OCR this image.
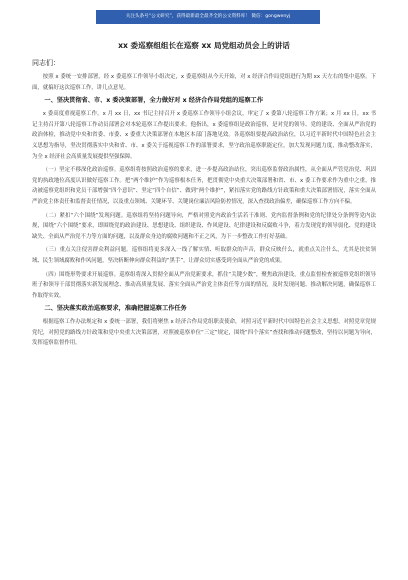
关注头条号“公文研究”，获得最新最全最齐全的公文资料库！ 微信：gongwenyj
xx 委巡察组组长在巡察 xx 局党组动员会上的讲话
同志们：

按照 x 委统一安排部署，经 x 委巡察工作领导小组决定，x 委巡察组从今天开始，对 x 经济合作局党组进行为期 xx 天左右的集中巡察。下面，就搞好这次巡察工作，讲几点意见。

一、坚决贯彻省、市、x 委决策部署，全力做好对 x 经济合作局党组的巡察工作

x 委高度重视巡察工作。x 月 xx 日，xx 书记主持召开 x 委巡察工作领导小组会议，审定了 x 委第八轮巡察工作方案；x 月 xx 日，xx 书记主持召开第八轮巡察工作动员部署会对本轮巡察工作提出要求。他指出，x 委巡察组是政治巡察，是对党的领导、党的建设、全面从严治党的政治体检，推动党中央和省委、市委、x 委重大决策部署在本地区本部门落地见效。各巡察组要提高政治站位，以习近平新时代中国特色社会主义思想为指导，坚决贯彻落实中央和省、市、x 委关于巡视巡察工作的部署要求，坚守政治巡察职能定位，加大发现问题力度，推动整改落实，为全 x 经济社会高质量发展提供坚强保障。

（一）坚定不移深化政治巡察。巡察组将按照政治巡察的要求，进一步提高政治站位，突出巡察监督政治属性，从全面从严管党治党、巩固党的执政地位高度认识做好巡察工作。把“两个维护”作为巡察根本任务，把贯彻党中央重大决策部署和省、市、x 委工作要求作为重中之重，推动被巡察党组织和党员干部增强“四个意识”、坚定“四个自信”、做到“两个维护”，紧扣落实党的路线方针政策和重大决策部署情况，落实全面从严治党主体责任和监督责任情况，以及重点领域、关键环节、关键岗位廉洁风险防控情况，深入查找政治偏差，确保巡察工作方向不偏。

（二）紧扣“六个围绕”发现问题。巡察组将坚持问题导向，严格对照党内政治生活若干准则、党内监督条例和党的纪律处分条例等党内法规，围绕“六个围绕”要求，即围绕党的政治建设、思想建设、组织建设、作风建设、纪律建设和反腐败斗争，着力发现党的领导弱化、党的建设缺失、全面从严治党不力等方面的问题，以及群众身边的腐败问题和不正之风，为下一步整改工作打好基础。

（三）重点关注侵害群众利益问题。巡察组将更多深入一线了解实情、听取群众的声音，群众反映什么，就重点关注什么，尤其是扶贫领域、民生领域腐败和作风问题，坚决斩断伸向群众利益的“黑手”，让群众切实感受到全面从严治党的成果。

（四）围绕形势要求开展巡察。巡察组将深入贯彻全面从严治党新要求，抓住“关键少数”，聚焦政治建设，重点监督检查被巡察党组织领导班子和领导干部贯彻落实新发展理念、推动高质量发展、落实全面从严治党主体责任等方面的情况，及时发现问题、推动解决问题，确保巡察工作取得实效。

二、坚决落实政治巡察要求，准确把握巡察工作任务

根据巡察工作办法规定和 x 委统一部署，我们将聚焦 x 经济合作局党组职责使命，对照习近平新时代中国特色社会主义思想，对照党章党规党纪，对照党的路线方针政策和党中央重大决策部署，对照被巡察单位“三定”规定，围绕“四个落实”查找和推动问题整改，坚持以问题为导向，发挥巡察监督作用。
